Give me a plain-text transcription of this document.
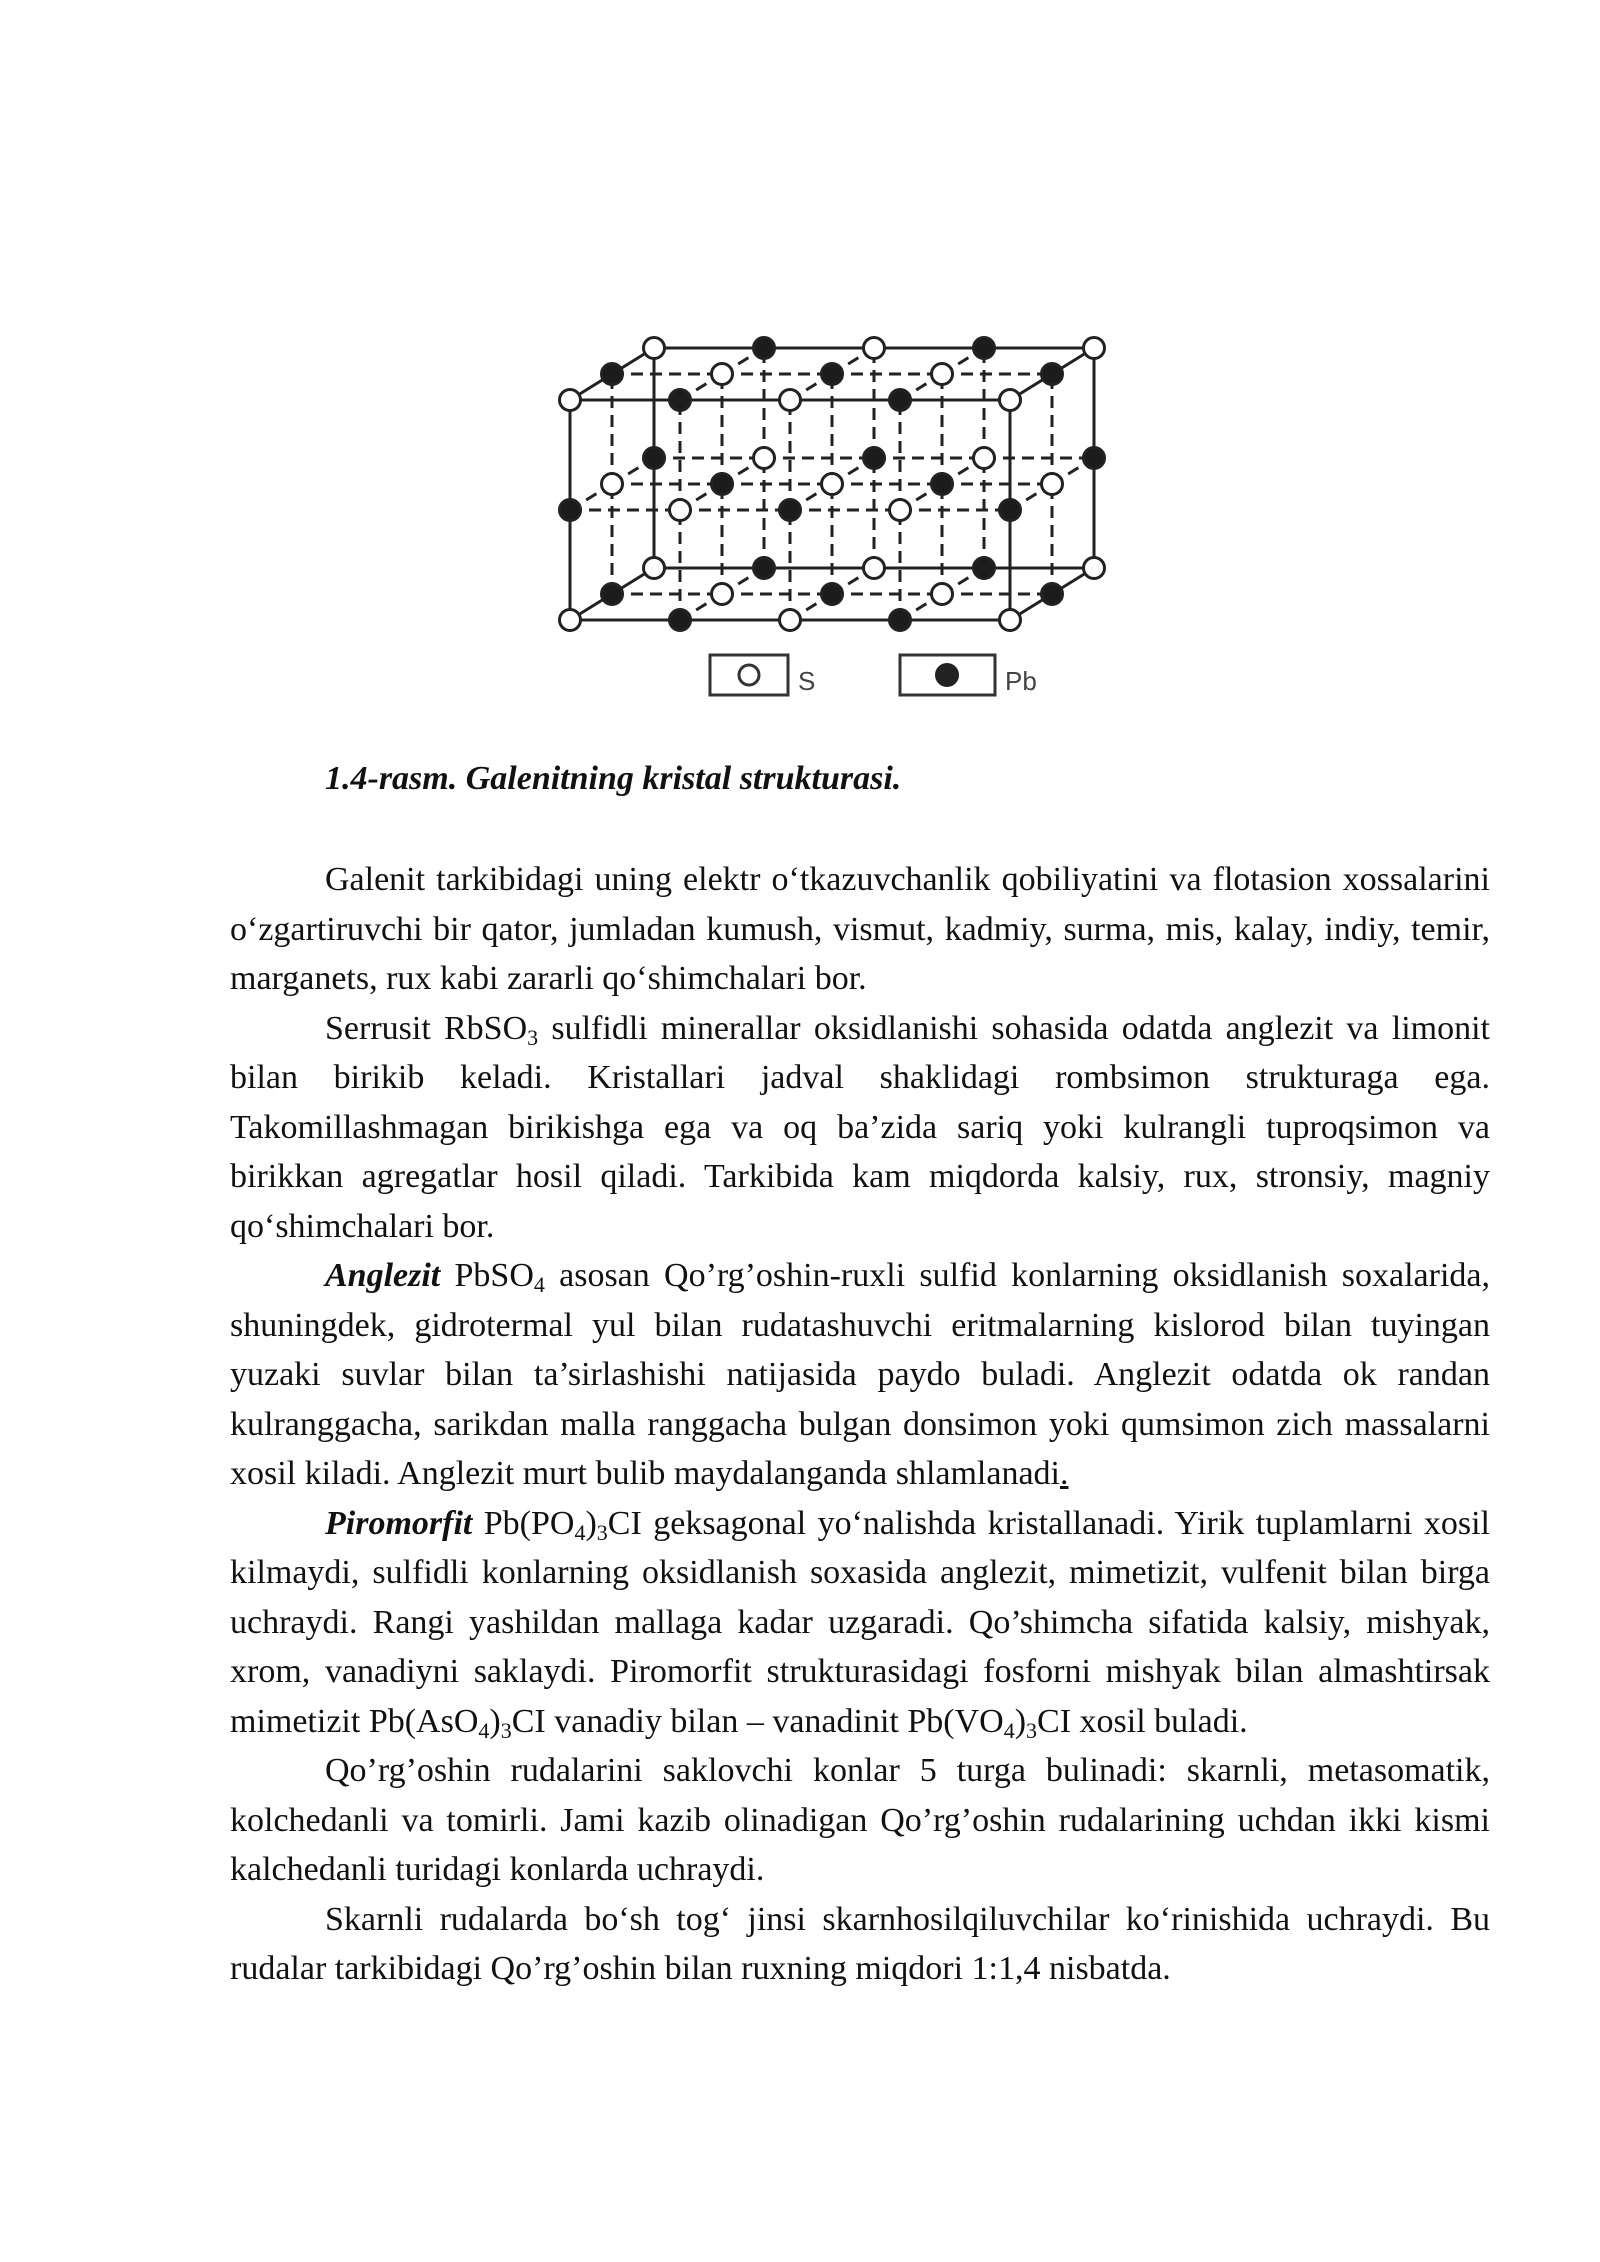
S	Pb
1.4-rasm. Galenitning kristal strukturasi.

Galenit tarkibidagi uning elektr o‘tkazuvchanlik qobiliyatini va flotasion xossalarini o‘zgartiruvchi bir qator, jumladan kumush, vismut, kadmiy, surma, mis, kalay, indiy, temir, marganets, rux kabi zararli qo‘shimchalari bor.

Serrusit RbSO$_3$ sulfidli minerallar oksidlanishi sohasida odatda anglezit va limonit bilan birikib keladi. Kristallari jadval shaklidagi rombsimon strukturaga ega. Takomillashmagan birikishga ega va oq ba’zida sariq yoki kulrangli tuproqsimon va birikkan agregatlar hosil qiladi. Tarkibida kam miqdorda kalsiy, rux, stronsiy, magniy qo‘shimchalari bor.

Anglezit PbSO$_4$ asosan Qo’rg’oshin-ruxli sulfid konlarning oksidlanish soxalarida, shuningdek, gidrotermal yul bilan rudatashuvchi eritmalarning kislorod bilan tuyingan yuzaki suvlar bilan ta’sirlashishi natijasida paydo buladi. Anglezit odatda ok randan kulranggacha, sarikdan malla ranggacha bulgan donsimon yoki qumsimon zich massalarni xosil kiladi. Anglezit murt bulib maydalanganda shlamlanadi.

Piromorfit $Pb(PO_4)_3CI$ geksagonal yo‘nalishda kristallanadi. Yirik tuplamlarni xosil kilmaydi, sulfidli konlarning oksidlanish soxasida anglezit, mimetizit, vulfenit bilan birga uchraydi. Rangi yashildan mallaga kadar uzgaradi. Qo’shimcha sifatida kalsiy, mishyak, xrom, vanadiyni saklaydi. Piromorfit strukturasidagi fosforni mishyak bilan almashtirsak mimetizit $Pb(AsO_4)_3CI$ vanadiy bilan – vanadinit $Pb(VO_4)_3CI$ xosil buladi.

Qo’rg’oshin rudalarini saklovchi konlar 5 turga bulinadi: skarnli, metasomatik, kolchedanli va tomirli. Jami kazib olinadigan Qo’rg’oshin rudalarining uchdan ikki kismi kalchedanli turidagi konlarda uchraydi.

Skarnli rudalarda bo‘sh tog‘ jinsi skarnhosilqiluvchilar ko‘rinishida uchraydi. Bu rudalar tarkibidagi Qo’rg’oshin bilan ruxning miqdori 1:1,4 nisbatda.
